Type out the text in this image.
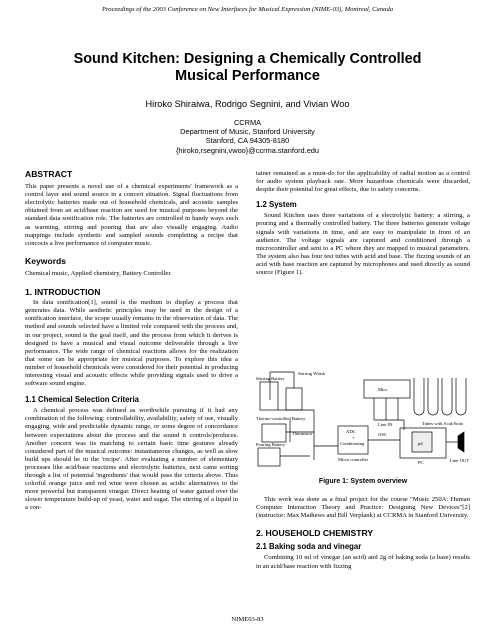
Proceedings of the 2003 Conference on New Interfaces for Musical Expression (NIME-03), Montreal, Canada
Sound Kitchen: Designing a Chemically Controlled
Musical Performance
Hiroko Shiraiwa, Rodrigo Segnini, and Vivian Woo
CCRMA
Department of Music, Stanford University
Stanford, CA 94305-8180
{hiroko,rsegnini,vwoo}@ccrma.stanford.edu
ABSTRACT

This paper presents a novel use of a chemical experiments' framework as a control layer and sound source in a concert situation. Signal fluctuations from electrolytic batteries made out of household chemicals, and acoustic samples obtained from an acid/base reaction are used for musical purposes beyond the standard data sonification role. The batteries are controlled in handy ways such as warming, stirring and pouring that are also visually engaging. Audio mappings include synthetic and sampled sounds completing a recipe that concocts a live performance of computer music.

Keywords

Chemical music, Applied chemistry, Battery Controller.

1. INTRODUCTION

In data sonification[1], sound is the medium to display a process that generates data. While aesthetic principles may be used in the design of a sonification interface, the scope usually remains in the observation of data. The method and sounds selected have a limited role compared with the process and, in our project, sound is the goal itself, and the process from which it derives is designed to have a musical and visual outcome deliverable through a live performance. The wide range of chemical reactions allows for the realization that some can be appropriate for musical purposes. To explore this idea a number of household chemicals were considered for their potential in producing interesting visual and acoustic effects while providing signals used to drive a software sound engine.

1.1 Chemical Selection Criteria

A chemical process was defined as worthwhile pursuing if it had any combination of the following: controllability, availability, safety of use, visually engaging, wide and predictable dynamic range, or some degree of concordance between expectations about the process and the sound it controls/produces. Another concern was its matching to certain basic time gestures already considered part of the musical outcome: instantaneous changes, as well as slow build ups should be in the 'recipe'. After evaluating a number of elementary processes like acid/base reactions and electrolytic batteries, next came sorting through a list of potential 'ingredients' that would pass the criteria above. Thus colorful orange juice and red wine were chosen as acidic alternatives to the more powerful but transparent vinegar. Direct heating of water gained over the slower temperature build-up of yeast, water and sugar. The stirring of a liquid in a con-

tainer remained as a must-do for the applicability of radial motion as a control for audio system playback rate. More hazardous chemicals were discarded, despite their potential for great effects, due to safety concerns.

1.2 System

Sound Kitchen uses three variations of a electrolytic battery: a stirring, a pouring and a thermally controlled battery. The three batteries generate voltage signals with variations in time, and are easy to manipulate in front of an audience. The voltage signals are captured and conditioned through a microcontroller and sent to a PC where they are mapped to musical parameters. The system also has four test tubes with acid and base. The fizzing sounds of an acid with base reaction are captured by microphones and used directly as sound source (Figure 1).

Stirring Battery
Stirring Whisk
Thermo-controlled Battery
Thermistor
Pouring Battery
ADC
+
Conditioning
Micro controller
Mics
Tubes with Acid/Soda
Line IN
OSC
pd
PC	Line OUT
Figure 1: System overview

This work was done as a final project for the course "Music 250A: Human Computer Interaction Theory and Practice: Designing New Devices"[2] (instructor: Max Mathews and Bill Verplank) at CCRMA in Stanford University.

2. HOUSEHOLD CHEMISTRY
2.1 Baking soda and vinegar

Combining 10 ml of vinegar (an acid) and 2g of baking soda (a base) results in an acid/base reaction with fizzing

NIME03-83
